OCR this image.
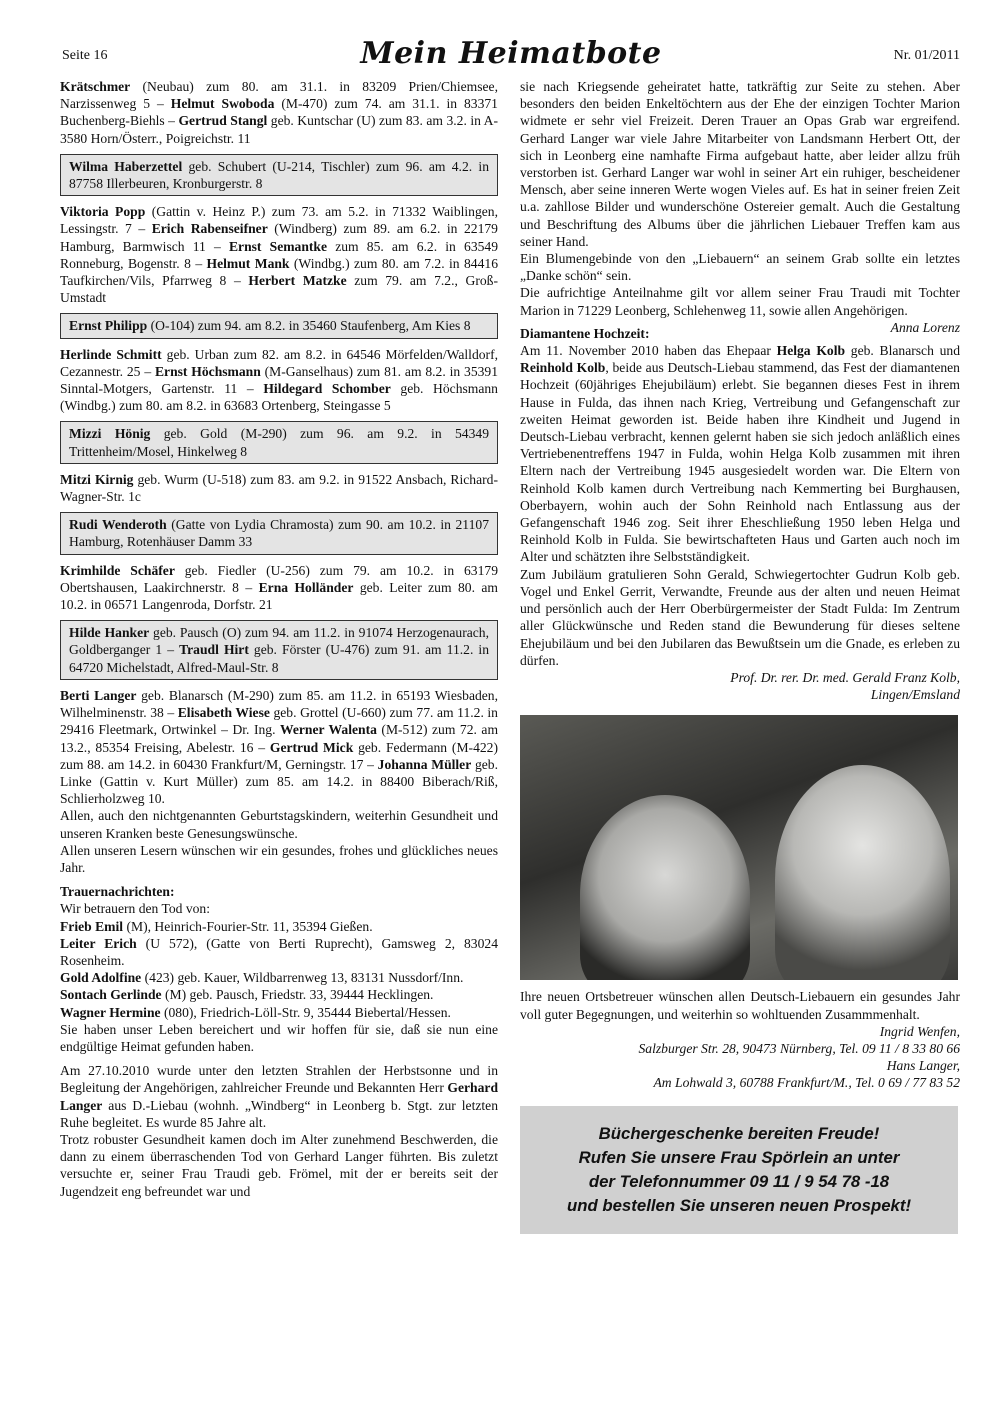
Seite 16	Mein Heimatbote	Nr. 01/2011

Krätschmer (Neubau) zum 80. am 31.1. in 83209 Prien/Chiemsee, Narzissenweg 5 – Helmut Swoboda (M-470) zum 74. am 31.1. in 83371 Buchenberg-Biehls – Gertrud Stangl geb. Kuntschar (U) zum 83. am 3.2. in A-3580 Horn/Österr., Poigreichstr. 11

Wilma Haberzettel geb. Schubert (U-214, Tischler) zum 96. am 4.2. in 87758 Illerbeuren, Kronburgerstr. 8

Viktoria Popp (Gattin v. Heinz P.) zum 73. am 5.2. in 71332 Waiblingen, Lessingstr. 7 – Erich Rabenseifner (Windberg) zum 89. am 6.2. in 22179 Hamburg, Barmwisch 11 – Ernst Semantke zum 85. am 6.2. in 63549 Ronneburg, Bogenstr. 8 – Helmut Mank (Windbg.) zum 80. am 7.2. in 84416 Taufkirchen/Vils, Pfarrweg 8 – Herbert Matzke zum 79. am 7.2., Groß-Umstadt

Ernst Philipp (O-104) zum 94. am 8.2. in 35460 Staufenberg, Am Kies 8

Herlinde Schmitt geb. Urban zum 82. am 8.2. in 64546 Mörfelden/Walldorf, Cezannestr. 25 – Ernst Höchsmann (M-Ganselhaus) zum 81. am 8.2. in 35391 Sinntal-Motgers, Gartenstr. 11 – Hildegard Schomber geb. Höchsmann (Windbg.) zum 80. am 8.2. in 63683 Ortenberg, Steingasse 5

Mizzi Hönig geb. Gold (M-290) zum 96. am 9.2. in 54349 Trittenheim/Mosel, Hinkelweg 8

Mitzi Kirnig geb. Wurm (U-518) zum 83. am 9.2. in 91522 Ansbach, Richard-Wagner-Str. 1c

Rudi Wenderoth (Gatte von Lydia Chramosta) zum 90. am 10.2. in 21107 Hamburg, Rotenhäuser Damm 33

Krimhilde Schäfer geb. Fiedler (U-256) zum 79. am 10.2. in 63179 Obertshausen, Laakirchnerstr. 8 – Erna Holländer geb. Leiter zum 80. am 10.2. in 06571 Langenroda, Dorfstr. 21

Hilde Hanker geb. Pausch (O) zum 94. am 11.2. in 91074 Herzogenaurach, Goldberganger 1 – Traudl Hirt geb. Förster (U-476) zum 91. am 11.2. in 64720 Michelstadt, Alfred-Maul-Str. 8

Berti Langer geb. Blanarsch (M-290) zum 85. am 11.2. in 65193 Wiesbaden, Wilhelminenstr. 38 – Elisabeth Wiese geb. Grottel (U-660) zum 77. am 11.2. in 29416 Fleetmark, Ortwinkel – Dr. Ing. Werner Walenta (M-512) zum 72. am 13.2., 85354 Freising, Abelestr. 16 – Gertrud Mick geb. Federmann (M-422) zum 88. am 14.2. in 60430 Frankfurt/M, Gerningstr. 17 – Johanna Müller geb. Linke (Gattin v. Kurt Müller) zum 85. am 14.2. in 88400 Biberach/Riß, Schlierholzweg 10.

Allen, auch den nichtgenannten Geburtstagskindern, weiterhin Gesundheit und unseren Kranken beste Genesungswünsche.

Allen unseren Lesern wünschen wir ein gesundes, frohes und glückliches neues Jahr.

Trauernachrichten:

Wir betrauern den Tod von:

Frieb Emil (M), Heinrich-Fourier-Str. 11, 35394 Gießen.

Leiter Erich (U 572), (Gatte von Berti Ruprecht), Gamsweg 2, 83024 Rosenheim.

Gold Adolfine (423) geb. Kauer, Wildbarrenweg 13, 83131 Nussdorf/Inn.

Sontach Gerlinde (M) geb. Pausch, Friedstr. 33, 39444 Hecklingen.

Wagner Hermine (080), Friedrich-Löll-Str. 9, 35444 Biebertal/Hessen.

Sie haben unser Leben bereichert und wir hoffen für sie, daß sie nun eine endgültige Heimat gefunden haben.

Am 27.10.2010 wurde unter den letzten Strahlen der Herbstsonne und in Begleitung der Angehörigen, zahlreicher Freunde und Bekannten Herr Gerhard Langer aus D.-Liebau (wohnh. „Windberg“ in Leonberg b. Stgt. zur letzten Ruhe begleitet. Es wurde 85 Jahre alt.

Trotz robuster Gesundheit kamen doch im Alter zunehmend Beschwerden, die dann zu einem überraschenden Tod von Gerhard Langer führten. Bis zuletzt versuchte er, seiner Frau Traudi geb. Frömel, mit der er bereits seit der Jugendzeit eng befreundet war und

sie nach Kriegsende geheiratet hatte, tatkräftig zur Seite zu stehen. Aber besonders den beiden Enkeltöchtern aus der Ehe der einzigen Tochter Marion widmete er sehr viel Freizeit. Deren Trauer an Opas Grab war ergreifend. Gerhard Langer war viele Jahre Mitarbeiter von Landsmann Herbert Ott, der sich in Leonberg eine namhafte Firma aufgebaut hatte, aber leider allzu früh verstorben ist. Gerhard Langer war wohl in seiner Art ein ruhiger, bescheidener Mensch, aber seine inneren Werte wogen Vieles auf. Es hat in seiner freien Zeit u.a. zahllose Bilder und wunderschöne Ostereier gemalt. Auch die Gestaltung und Beschriftung des Albums über die jährlichen Liebauer Treffen kam aus seiner Hand.

Ein Blumengebinde von den „Liebauern“ an seinem Grab sollte ein letztes „Danke schön“ sein.

Die aufrichtige Anteilnahme gilt vor allem seiner Frau Traudi mit Tochter Marion in 71229 Leonberg, Schlehenweg 11, sowie allen Angehörigen.
Anna Lorenz

Diamantene Hochzeit:

Am 11. November 2010 haben das Ehepaar Helga Kolb geb. Blanarsch und Reinhold Kolb, beide aus Deutsch-Liebau stammend, das Fest der diamantenen Hochzeit (60jähriges Ehejubiläum) erlebt. Sie begannen dieses Fest in ihrem Hause in Fulda, das ihnen nach Krieg, Vertreibung und Gefangenschaft zur zweiten Heimat geworden ist. Beide haben ihre Kindheit und Jugend in Deutsch-Liebau verbracht, kennen gelernt haben sie sich jedoch anläßlich eines Vertriebenentreffens 1947 in Fulda, wohin Helga Kolb zusammen mit ihren Eltern nach der Vertreibung 1945 ausgesiedelt worden war. Die Eltern von Reinhold Kolb kamen durch Vertreibung nach Kemmerting bei Burghausen, Oberbayern, wohin auch der Sohn Reinhold nach Entlassung aus der Gefangenschaft 1946 zog. Seit ihrer Eheschließung 1950 leben Helga und Reinhold Kolb in Fulda. Sie bewirtschafteten Haus und Garten auch noch im Alter und schätzten ihre Selbstständigkeit.

Zum Jubiläum gratulieren Sohn Gerald, Schwiegertochter Gudrun Kolb geb. Vogel und Enkel Gerrit, Verwandte, Freunde aus der alten und neuen Heimat und persönlich auch der Herr Oberbürgermeister der Stadt Fulda: Im Zentrum aller Glückwünsche und Reden stand die Bewunderung für dieses seltene Ehejubiläum und bei den Jubilaren das Bewußtsein um die Gnade, es erleben zu dürfen.

Prof. Dr. rer. Dr. med. Gerald Franz Kolb,
Lingen/Emsland

Ihre neuen Ortsbetreuer wünschen allen Deutsch-Liebauern ein gesundes Jahr voll guter Begegnungen, und weiterhin so wohltuenden Zusammmenhalt.

Ingrid Wenfen,
Salzburger Str. 28, 90473 Nürnberg, Tel. 09 11 / 8 33 80 66
Hans Langer,
Am Lohwald 3, 60788 Frankfurt/M., Tel. 0 69 / 77 83 52
Büchergeschenke bereiten Freude!
Rufen Sie unsere Frau Spörlein an unter
der Telefonnummer 09 11 / 9 54 78 -18
und bestellen Sie unseren neuen Prospekt!
